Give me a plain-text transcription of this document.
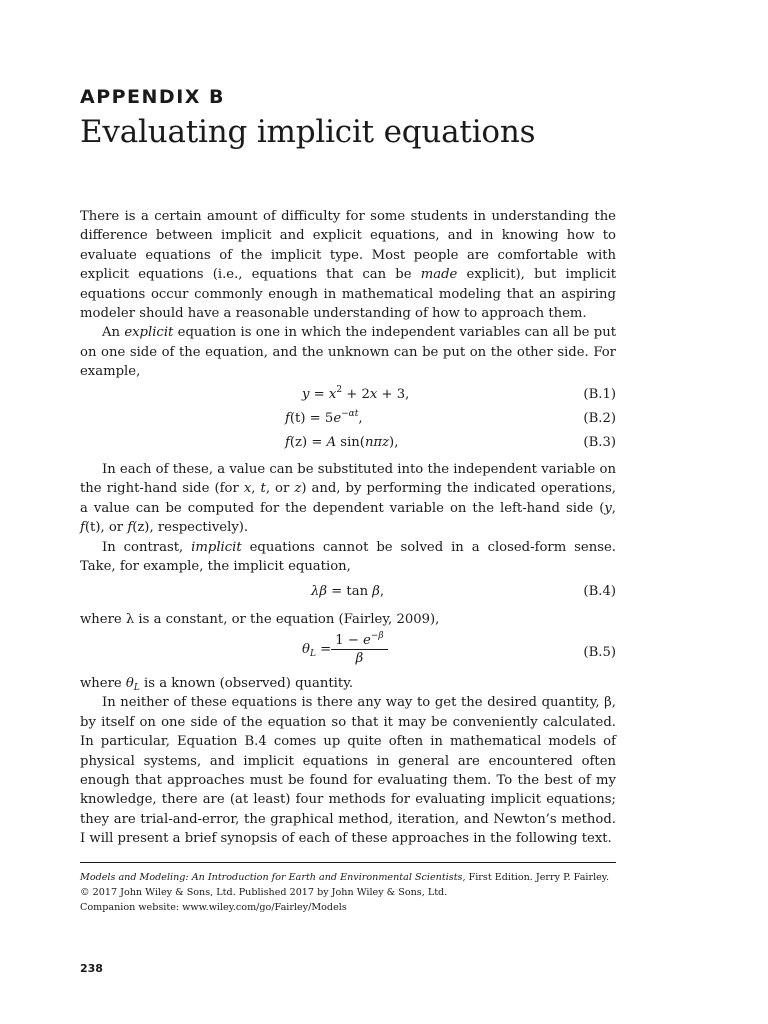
APPENDIX B
Evaluating implicit equations

There is a certain amount of difficulty for some students in understanding the difference between implicit and explicit equations, and in knowing how to evaluate equations of the implicit type. Most people are comfortable with explicit equations (i.e., equations that can be made explicit), but implicit equations occur commonly enough in mathematical modeling that an aspiring modeler should have a reasonable understanding of how to approach them.

An explicit equation is one in which the independent variables can all be put on one side of the equation, and the unknown can be put on the other side. For example,

$y = x^2 + 2x + 3$,	(B.1)
$f(t) = 5e^{-\alpha t}$,	(B.2)
f(z) = A sin(nπz),	(B.3)

In each of these, a value can be substituted into the independent variable on the right-hand side (for x, t, or z) and, by performing the indicated operations, a value can be computed for the dependent variable on the left-hand side (y, f(t), or f(z), respectively).

In contrast, implicit equations cannot be solved in a closed-form sense. Take, for example, the implicit equation,

λβ = tan β,	(B.4)

where λ is a constant, or the equation (Fairley, 2009),

$\theta_L = \frac{1 - e^{-\beta}}{\beta}$	(B.5)

where $\theta_L$ is a known (observed) quantity.

In neither of these equations is there any way to get the desired quantity, β, by itself on one side of the equation so that it may be conveniently calculated. In particular, Equation B.4 comes up quite often in mathematical models of physical systems, and implicit equations in general are encountered often enough that approaches must be found for evaluating them. To the best of my knowledge, there are (at least) four methods for evaluating implicit equations; they are trial-and-error, the graphical method, iteration, and Newton’s method. I will present a brief synopsis of each of these approaches in the following text.

Models and Modeling: An Introduction for Earth and Environmental Scientists, First Edition. Jerry P. Fairley.
© 2017 John Wiley & Sons, Ltd. Published 2017 by John Wiley & Sons, Ltd.
Companion website: www.wiley.com/go/Fairley/Models
238
